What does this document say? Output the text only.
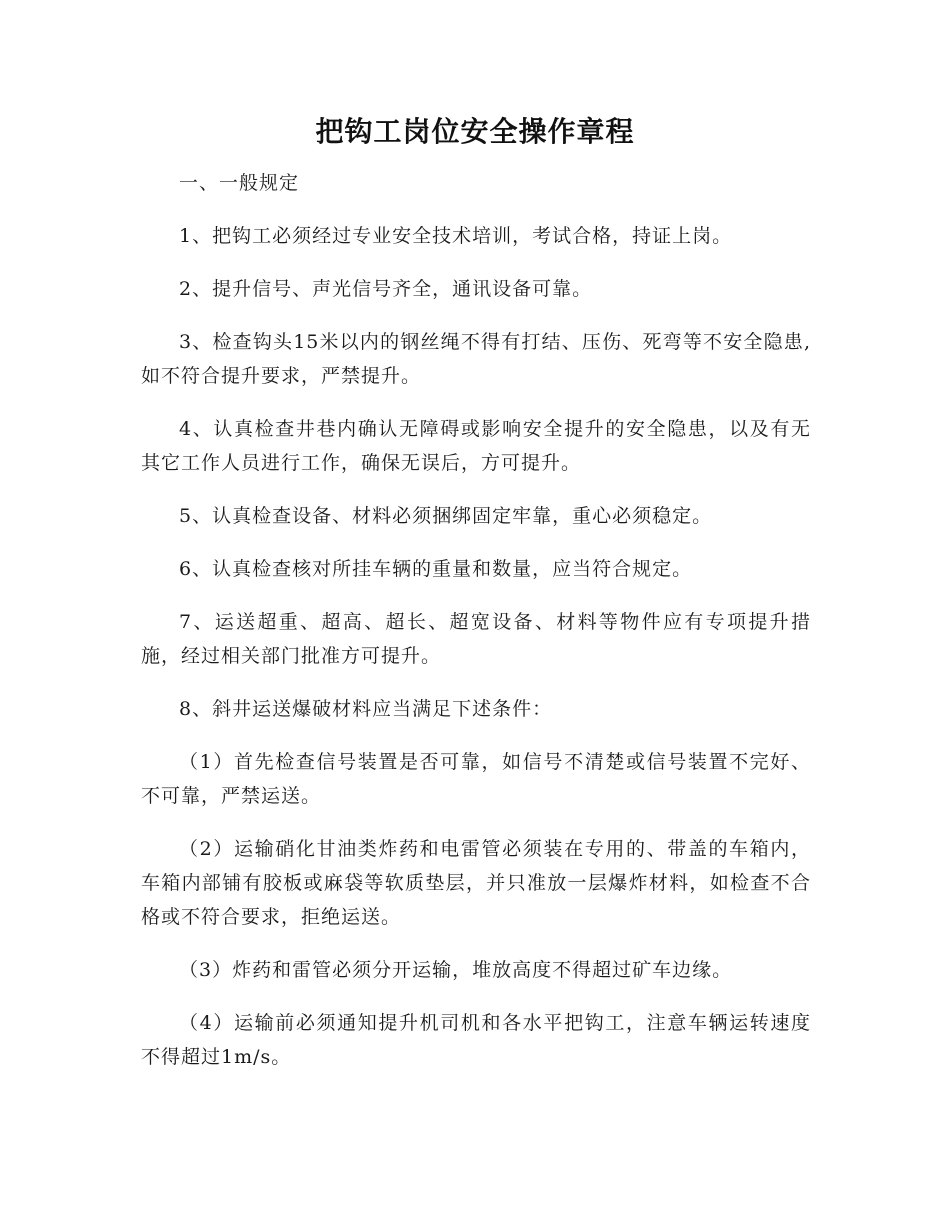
把钩工岗位安全操作章程

一、一般规定

1、把钩工必须经过专业安全技术培训，考试合格，持证上岗。

2、提升信号、声光信号齐全，通讯设备可靠。

3、检查钩头15米以内的钢丝绳不得有打结、压伤、死弯等不安全隐患,如不符合提升要求，严禁提升。

4、认真检查井巷内确认无障碍或影响安全提升的安全隐患，以及有无其它工作人员进行工作，确保无误后，方可提升。

5、认真检查设备、材料必须捆绑固定牢靠，重心必须稳定。

6、认真检查核对所挂车辆的重量和数量，应当符合规定。

7、运送超重、超高、超长、超宽设备、材料等物件应有专项提升措施，经过相关部门批准方可提升。

8、斜井运送爆破材料应当满足下述条件：

（1）首先检查信号装置是否可靠，如信号不清楚或信号装置不完好、不可靠，严禁运送。

（2）运输硝化甘油类炸药和电雷管必须装在专用的、带盖的车箱内，车箱内部铺有胶板或麻袋等软质垫层，并只准放一层爆炸材料，如检查不合格或不符合要求，拒绝运送。

（3）炸药和雷管必须分开运输，堆放高度不得超过矿车边缘。

（4）运输前必须通知提升机司机和各水平把钩工，注意车辆运转速度不得超过1m/s。
